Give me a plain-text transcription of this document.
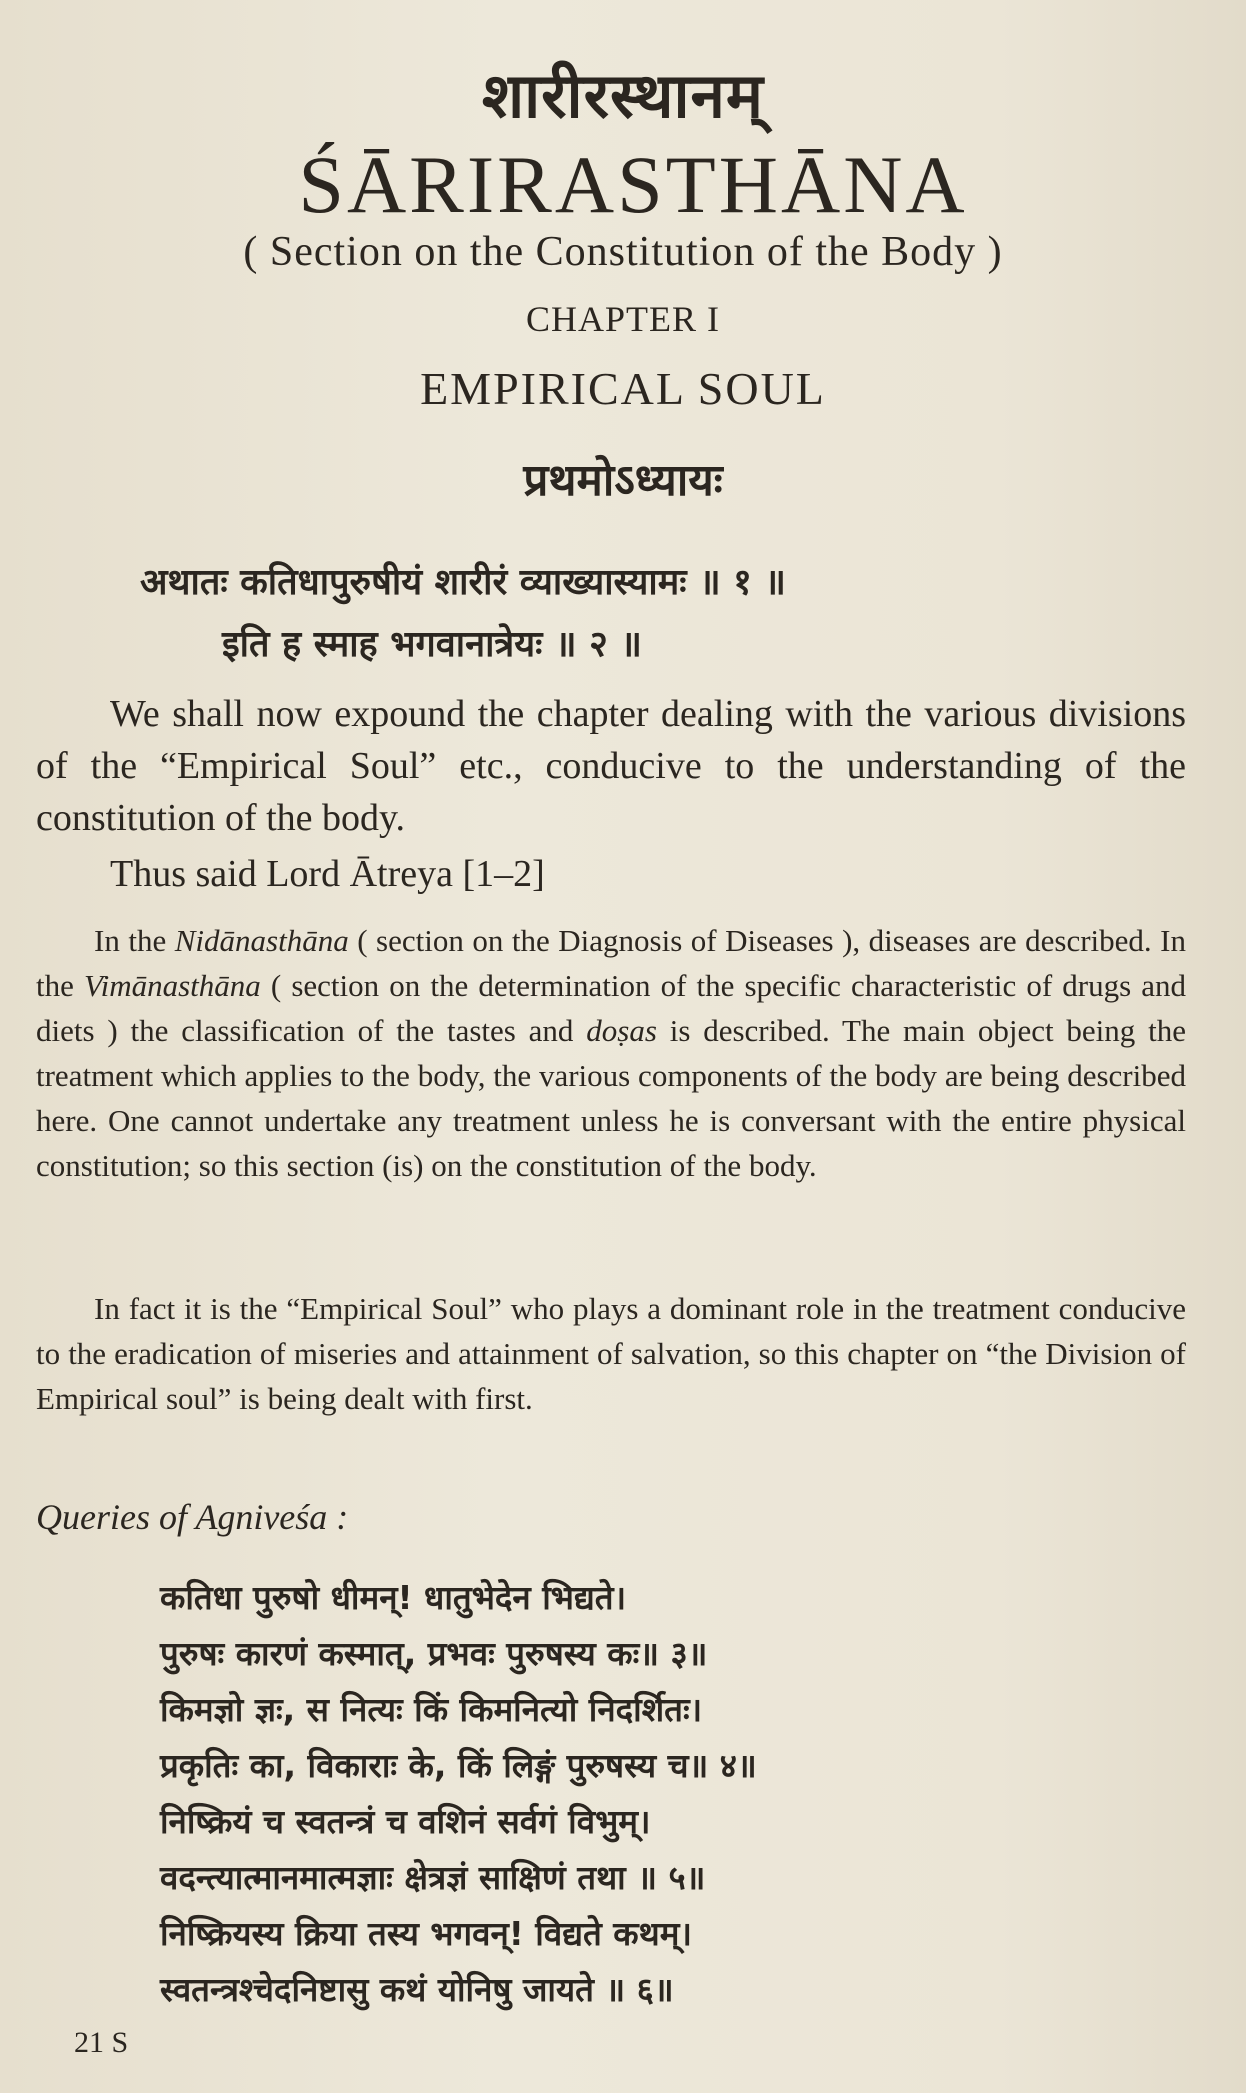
शारीरस्थानम्
ŚĀRIRASTHĀNA
( Section on the Constitution of the Body )
CHAPTER I
EMPIRICAL SOUL
प्रथमोऽध्यायः
अथातः कतिधापुरुषीयं शारीरं व्याख्यास्यामः ॥ १ ॥
इति ह स्माह भगवानात्रेयः ॥ २ ॥
We shall now expound the chapter dealing with the various divisions of the “Empirical Soul” etc., conducive to the understanding of the constitution of the body.
Thus said Lord Ātreya [1–2]
In the Nidānasthāna ( section on the Diagnosis of Diseases ), diseases are described. In the Vimānasthāna ( section on the determination of the specific characteristic of drugs and diets ) the classification of the tastes and doṣas is described. The main object being the treatment which applies to the body, the various components of the body are being described here. One cannot undertake any treatment unless he is conversant with the entire physical constitution; so this section (is) on the constitution of the body.
In fact it is the “Empirical Soul” who plays a dominant role in the treatment conducive to the eradication of miseries and attainment of salvation, so this chapter on “the Division of Empirical soul” is being dealt with first.
Queries of Agniveśa :
कतिधा पुरुषो धीमन्! धातुभेदेन भिद्यते।
पुरुषः कारणं कस्मात्, प्रभवः पुरुषस्य कः॥ ३॥
किमज्ञो ज्ञः, स नित्यः किं किमनित्यो निदर्शितः।
प्रकृतिः का, विकाराः के, किं लिङ्गं पुरुषस्य च॥ ४॥
निष्क्रियं च स्वतन्त्रं च वशिनं सर्वगं विभुम्।
वदन्त्यात्मानमात्मज्ञाः क्षेत्रज्ञं साक्षिणं तथा ॥ ५॥
निष्क्रियस्य क्रिया तस्य भगवन्! विद्यते कथम्।
स्वतन्त्रश्चेदनिष्टासु कथं योनिषु जायते ॥ ६॥
21 S
